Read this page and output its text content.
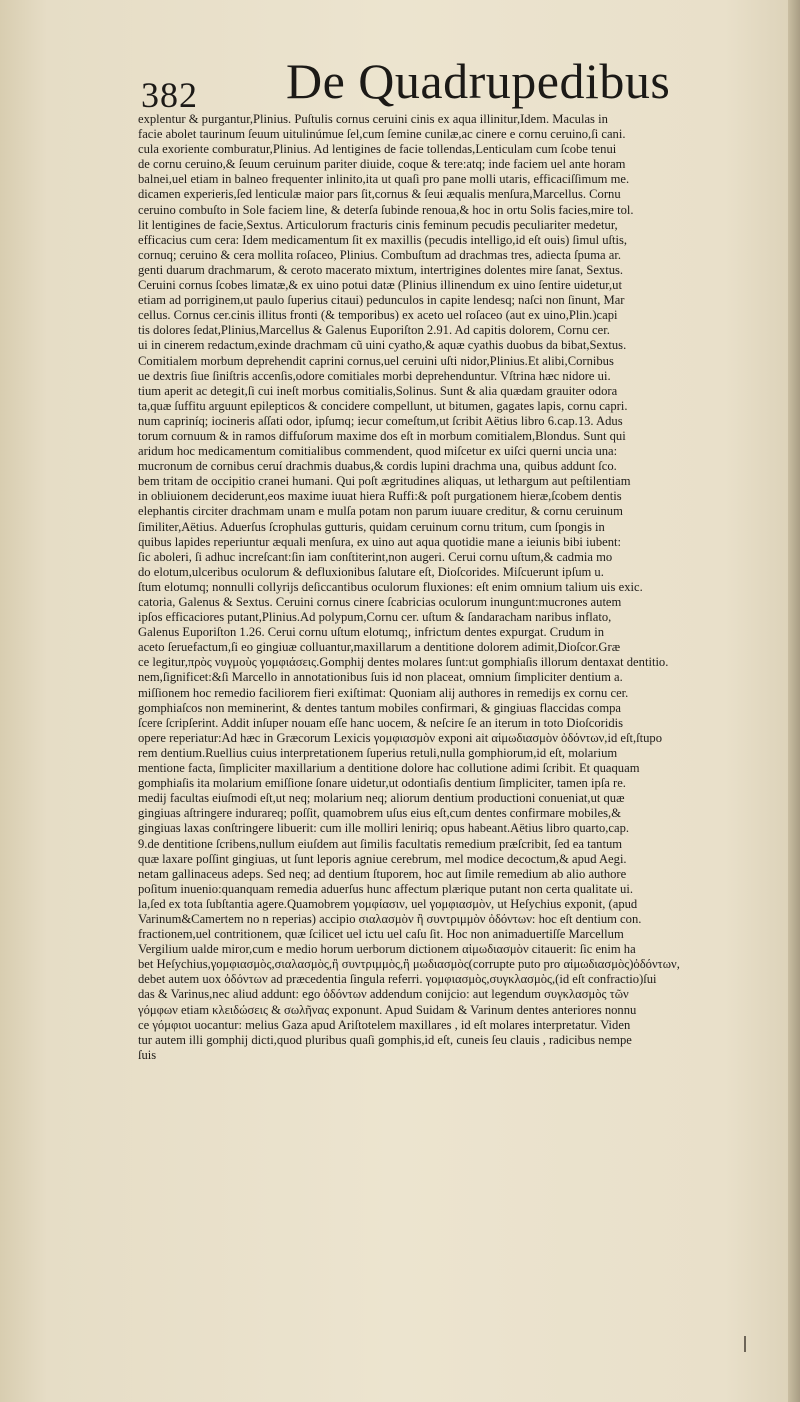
382 De Quadrupedibus
explentur & purgantur,Plinius. Puſtulis cornus ceruini cinis ex aqua illinitur,Idem. Maculas in
facie abolet taurinum ſeuum uitulinúmue ſel,cum ſemine cunilæ,ac cinere e cornu ceruino,ſi cani.
cula exoriente comburatur,Plinius. Ad lentigines de facie tollendas,Lenticulam cum ſcobe tenui
de cornu ceruino,& ſeuum ceruinum pariter diuide, coque & tere:atq; inde faciem uel ante horam
balnei,uel etiam in balneo frequenter inlinito,ita ut quaſi pro pane molli utaris, efficaciſſimum me.
dicamen experieris,ſed lenticulæ maior pars ſit,cornus & ſeui æqualis menſura,Marcellus. Cornu
ceruino combuſto in Sole faciem line, & deterſa ſubinde renoua,& hoc in ortu Solis facies,mire tol.
lit lentigines de facie,Sextus. Articulorum fracturis cinis feminum pecudis peculiariter medetur,
efficacius cum cera: Idem medicamentum ſit ex maxillis (pecudis intelligo,id eſt ouis) ſimul uſtis,
cornuq; ceruino & cera mollita roſaceo, Plinius. Combuſtum ad drachmas tres, adiecta ſpuma ar.
genti duarum drachmarum, & ceroto macerato mixtum, intertrigines dolentes mire ſanat, Sextus.
Ceruini cornus ſcobes limatæ,& ex uino potui datæ (Plinius illinendum ex uino ſentire uidetur,ut
etiam ad porriginem,ut paulo ſuperius citaui) pedunculos in capite lendesq; naſci non ſinunt, Mar
cellus. Cornus cer.cinis illitus fronti (& temporibus) ex aceto uel roſaceo (aut ex uino,Plin.)capi
tis dolores ſedat,Plinius,Marcellus & Galenus Euporiſton 2.91. Ad capitis dolorem, Cornu cer.
ui in cinerem redactum,exinde drachmam cũ uini cyatho,& aquæ cyathis duobus da bibat,Sextus.
Comitialem morbum deprehendit caprini cornus,uel ceruini uſti nidor,Plinius.Et alibi,Cornibus
ue dextris ſiue ſiniſtris accenſis,odore comitiales morbi deprehenduntur. Vſtrina hæc nidore ui.
tium aperit ac detegit,ſi cui ineſt morbus comitialis,Solinus. Sunt & alia quædam grauiter odora
ta,quæ ſuffitu arguunt epilepticos & concidere compellunt, ut bitumen, gagates lapis, cornu capri.
num capriníq; iocineris aſſati odor, ipſumq; iecur comeſtum,ut ſcribit Aëtius libro 6.cap.13. Adus
torum cornuum & in ramos diffuſorum maxime dos eſt in morbum comitialem,Blondus. Sunt qui
aridum hoc medicamentum comitialibus commendent, quod miſcetur ex uiſci querni uncia una:
mucronum de cornibus ceruí drachmis duabus,& cordis lupini drachma una, quibus addunt ſco.
bem tritam de occipitio cranei humani. Qui poſt ægritudines aliquas, ut lethargum aut peſtilentiam
in obliuionem deciderunt,eos maxime iuuat hiera Ruffi:& poſt purgationem hieræ,ſcobem dentis
elephantis circiter drachmam unam e mulſa potam non parum iuuare creditur, & cornu ceruinum
ſimiliter,Aëtius. Aduerſus ſcrophulas gutturis, quidam ceruinum cornu tritum, cum ſpongis in
quibus lapides reperiuntur æquali menſura, ex uino aut aqua quotidie mane a ieiunis bibi iubent:
ſic aboleri, ſi adhuc increſcant:ſin iam conſtiterint,non augeri. Cerui cornu uſtum,& cadmia mo
do elotum,ulceribus oculorum & defluxionibus ſalutare eſt, Dioſcorides. Miſcuerunt ipſum u.
ſtum elotumq; nonnulli collyrijs deſiccantibus oculorum fluxiones: eſt enim omnium talium uis exic.
catoria, Galenus & Sextus. Ceruini cornus cinere ſcabricias oculorum inungunt:mucrones autem
ipſos efficaciores putant,Plinius.Ad polypum,Cornu cer. uſtum & ſandaracham naribus inflato,
Galenus Euporiſton 1.26. Cerui cornu uſtum elotumq;, infrictum dentes expurgat. Crudum in
aceto ſeruefactum,ſi eo gingiuæ colluantur,maxillarum a dentitione dolorem adimit,Dioſcor.Græ
ce legitur,πρὸς νυγμοὺς γομφιάσεις.Gomphij dentes molares ſunt:ut gomphiaſis illorum dentaxat dentitio.
nem,ſignificet:&ſi Marcello in annotationibus ſuis id non placeat, omnium ſimpliciter dentium a.
miſſionem hoc remedio faciliorem fieri exiſtimat: Quoniam alij authores in remedijs ex cornu cer.
gomphiaſcos non meminerint, & dentes tantum mobiles confirmari, & gingiuas flaccidas compa
ſcere ſcripſerint. Addit inſuper nouam eſſe hanc uocem, & neſcire ſe an iterum in toto Dioſcoridis
opere reperiatur:Ad hæc in Græcorum Lexicis γομφιασμὸν exponi ait αἱμωδιασμὸν ὀδόντων,id eſt,ſtupo
rem dentium.Ruellius cuius interpretationem ſuperius retuli,nulla gomphiorum,id eſt, molarium
mentione facta, ſimpliciter maxillarium a dentitione dolore hac collutione adimi ſcribit. Et quaquam
gomphiaſis ita molarium emiſſione ſonare uidetur,ut odontiaſis dentium ſimpliciter, tamen ipſa re.
medij facultas eiuſmodi eſt,ut neq; molarium neq; aliorum dentium productioni conueniat,ut quæ
gingiuas aſtringere indurareq; poſſit, quamobrem uſus eius eſt,cum dentes confirmare mobiles,&
gingiuas laxas conſtringere libuerit: cum ille molliri leniriq; opus habeant.Aëtius libro quarto,cap.
9.de dentitione ſcribens,nullum eiuſdem aut ſimilis facultatis remedium præſcribit, ſed ea tantum
quæ laxare poſſint gingiuas, ut ſunt leporis agniue cerebrum, mel modice decoctum,& apud Aegi.
netam gallinaceus adeps. Sed neq; ad dentium ſtuporem, hoc aut ſimile remedium ab alio authore
poſitum inuenio:quanquam remedia aduerſus hunc affectum plærique putant non certa qualitate ui.
la,ſed ex tota ſubſtantia agere.Quamobrem γομφίασιν, uel γομφιασμὸν, ut Heſychius exponit, (apud
Varinum&Camertem no n reperias) accipio σιαλασμὸν ἢ συντριμμὸν ὀδόντων: hoc eſt dentium con.
fractionem,uel contritionem, quæ ſcilicet uel ictu uel caſu ſit. Hoc non animaduertiſſe Marcellum
Vergilium ualde miror,cum e medio horum uerborum dictionem αἱμωδιασμὸν citauerit: ſic enim ha
bet Heſychius,γομφιασμὸς,σιαλασμὸς,ἢ συντριμμὸς,ἢ μωδιασμὸς(corrupte puto pro αἱμωδιασμὸς)ὀδόντων,
debet autem uox ὀδόντων ad præcedentia ſingula referri. γομφιασμὸς,συγκλασμὸς,(id eſt confractio)ſui
das & Varinus,nec aliud addunt: ego ὀδόντων addendum conijcio: aut legendum συγκλασμὸς τῶν
γόμφων etiam κλειδώσεις & σωλῆνας exponunt. Apud Suidam & Varinum dentes anteriores nonnu
ce γόμφιοι uocantur: melius Gaza apud Ariſtotelem maxillares , id eſt molares interpretatur. Viden
tur autem illi gomphij dicti,quod pluribus quaſi gomphis,id eſt, cuneis ſeu clauis , radicibus nempe
ſuis
